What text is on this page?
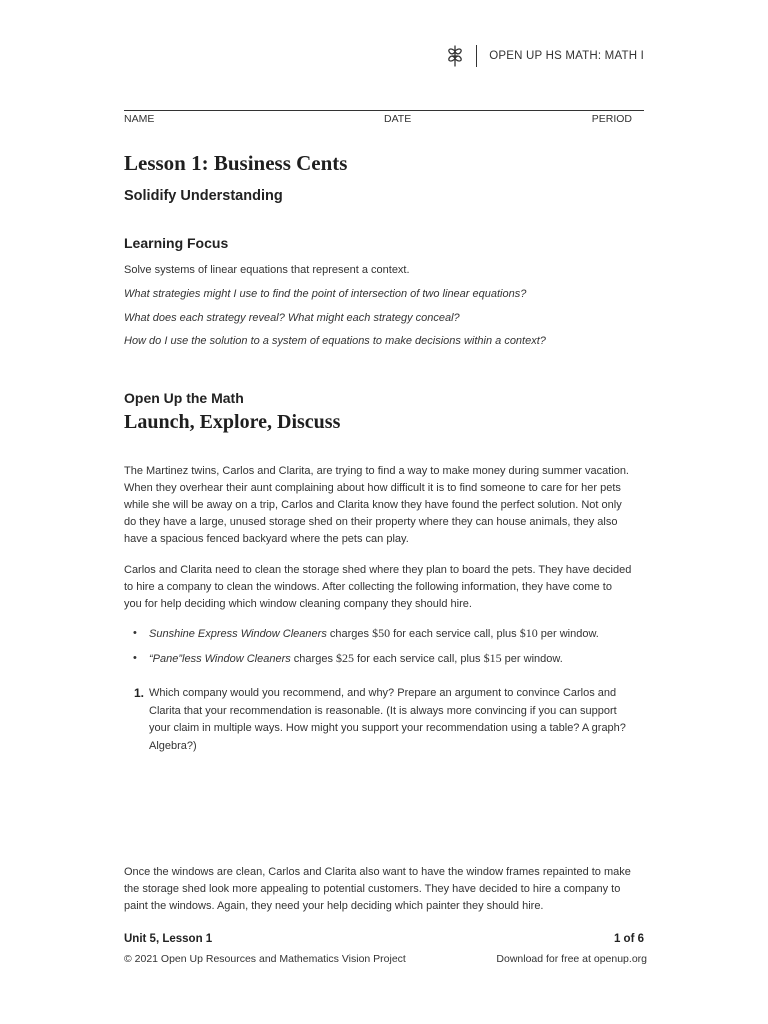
OPEN UP HS MATH: MATH I
NAME	DATE	PERIOD
Lesson 1: Business Cents
Solidify Understanding
Learning Focus

Solve systems of linear equations that represent a context.

What strategies might I use to find the point of intersection of two linear equations?

What does each strategy reveal? What might each strategy conceal?

How do I use the solution to a system of equations to make decisions within a context?

Open Up the Math
Launch, Explore, Discuss

The Martinez twins, Carlos and Clarita, are trying to find a way to make money during summer vacation. When they overhear their aunt complaining about how difficult it is to find someone to care for her pets while she will be away on a trip, Carlos and Clarita know they have found the perfect solution. Not only do they have a large, unused storage shed on their property where they can house animals, they also have a spacious fenced backyard where the pets can play.

Carlos and Clarita need to clean the storage shed where they plan to board the pets. They have decided to hire a company to clean the windows. After collecting the following information, they have come to you for help deciding which window cleaning company they should hire.

• Sunshine Express Window Cleaners charges $50 for each service call, plus $10 per window.
• “Pane”less Window Cleaners charges $25 for each service call, plus $15 per window.
1. Which company would you recommend, and why? Prepare an argument to convince Carlos and Clarita that your recommendation is reasonable. (It is always more convincing if you can support your claim in multiple ways. How might you support your recommendation using a table? A graph? Algebra?)

Once the windows are clean, Carlos and Clarita also want to have the window frames repainted to make the storage shed look more appealing to potential customers. They have decided to hire a company to paint the windows. Again, they need your help deciding which painter they should hire.

Unit 5, Lesson 1	1 of 6
© 2021 Open Up Resources and Mathematics Vision Project	Download for free at openup.org
